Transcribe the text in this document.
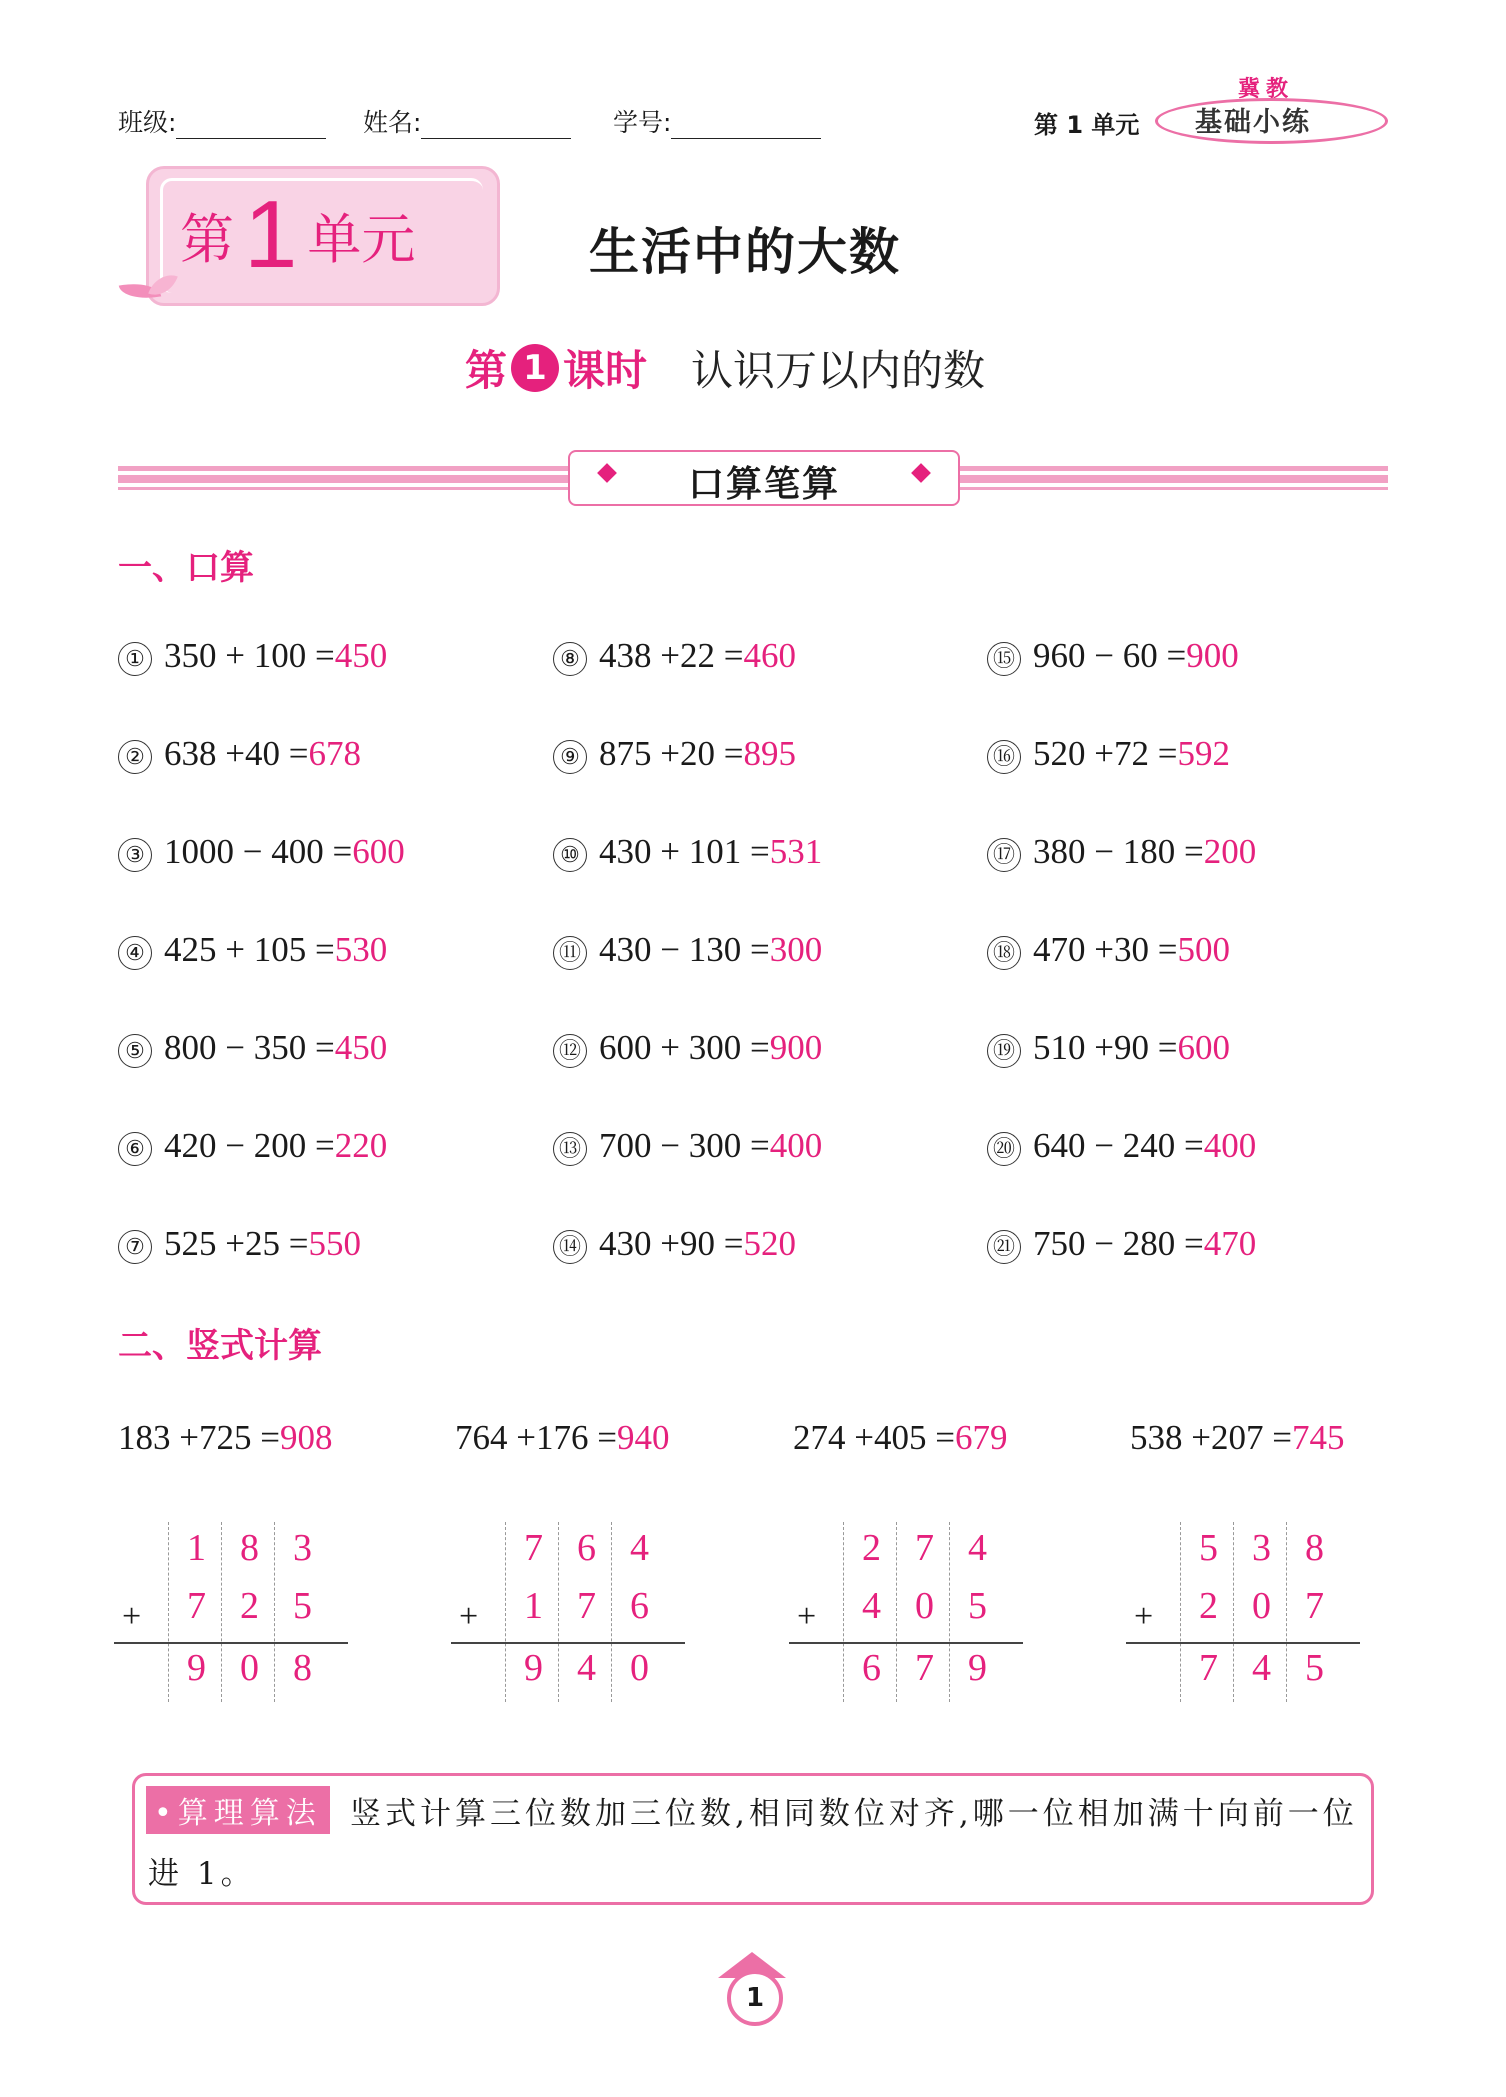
班级:	姓名:	学号:	第 1 单元
冀教
基础小练
第 1 单元	生活中的大数
第 1 课时 认识万以内的数
口算笔算
一、口算
① 350 + 100 =450
② 638 +40 =678
③ 1000 − 400 =600
④ 425 + 105 =530
⑤ 800 − 350 =450
⑥ 420 − 200 =220
⑦ 525 +25 =550
⑧ 438 +22 =460
⑨ 875 +20 =895
⑩ 430 + 101 =531
⑪ 430 − 130 =300
⑫ 600 + 300 =900
⑬ 700 − 300 =400
⑭ 430 +90 =520
⑮ 960 − 60 =900
⑯ 520 +72 =592
⑰ 380 − 180 =200
⑱ 470 +30 =500
⑲ 510 +90 =600
⑳ 640 − 240 =400
㉑ 750 − 280 =470
二、竖式计算
183 +725 =908
+
1 8 3
7 2 5
9 0 8
764 +176 =940
+
7 6 4
1 7 6
9 4 0
274 +405 =679
+
2 7 4
4 0 5
6 7 9
538 +207 =745
+
5 3 8
2 0 7
7 4 5
•算理算法 竖式计算三位数加三位数,相同数位对齐,哪一位相加满十向前一位
进 1。
1
